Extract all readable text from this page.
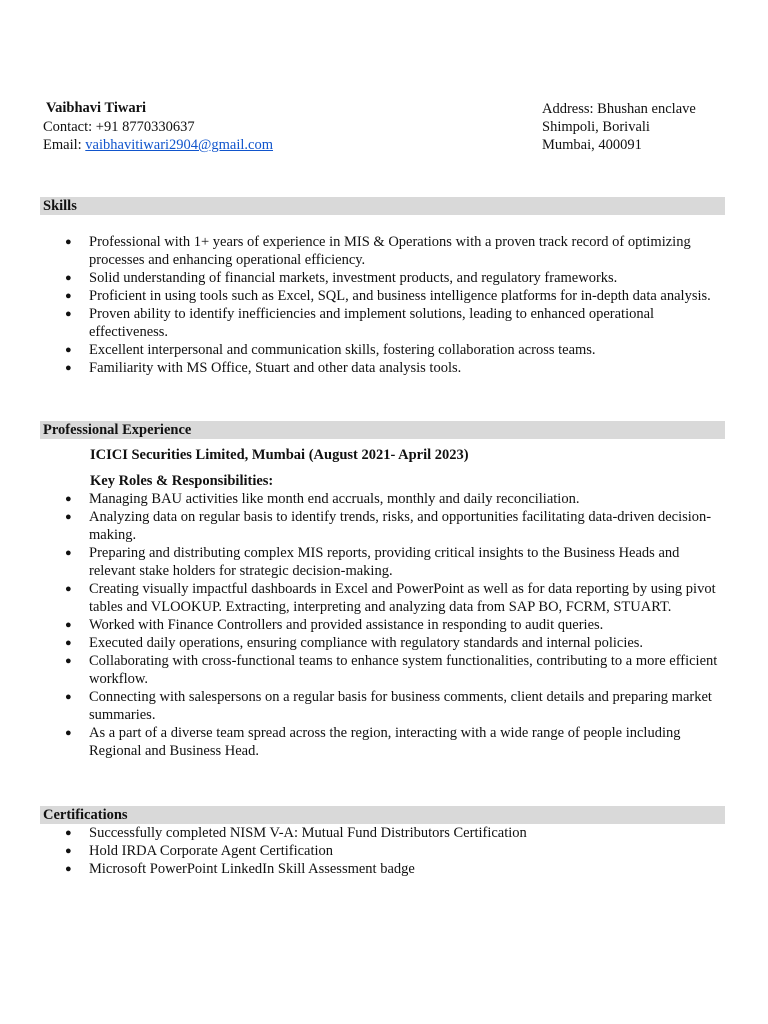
Vaibhavi Tiwari
Contact: +91 8770330637
Email: vaibhavitiwari2904@gmail.com
Address: Bhushan enclave
Shimpoli, Borivali
Mumbai, 400091
Skills
● Professional with 1+ years of experience in MIS & Operations with a proven track record of optimizing processes and enhancing operational efficiency.
● Solid understanding of financial markets, investment products, and regulatory frameworks.
● Proficient in using tools such as Excel, SQL, and business intelligence platforms for in-depth data analysis.
● Proven ability to identify inefficiencies and implement solutions, leading to enhanced operational effectiveness.
● Excellent interpersonal and communication skills, fostering collaboration across teams.
● Familiarity with MS Office, Stuart and other data analysis tools.
Professional Experience
ICICI Securities Limited, Mumbai (August 2021- April 2023)
Key Roles & Responsibilities:
● Managing BAU activities like month end accruals, monthly and daily reconciliation.
● Analyzing data on regular basis to identify trends, risks, and opportunities facilitating data-driven decision-making.
● Preparing and distributing complex MIS reports, providing critical insights to the Business Heads and relevant stake holders for strategic decision-making.
● Creating visually impactful dashboards in Excel and PowerPoint as well as for data reporting by using pivot tables and VLOOKUP. Extracting, interpreting and analyzing data from SAP BO, FCRM, STUART.
● Worked with Finance Controllers and provided assistance in responding to audit queries.
● Executed daily operations, ensuring compliance with regulatory standards and internal policies.
● Collaborating with cross-functional teams to enhance system functionalities, contributing to a more efficient workflow.
● Connecting with salespersons on a regular basis for business comments, client details and preparing market summaries.
● As a part of a diverse team spread across the region, interacting with a wide range of people including Regional and Business Head.
Certifications
● Successfully completed NISM V-A: Mutual Fund Distributors Certification
● Hold IRDA Corporate Agent Certification
● Microsoft PowerPoint LinkedIn Skill Assessment badge
